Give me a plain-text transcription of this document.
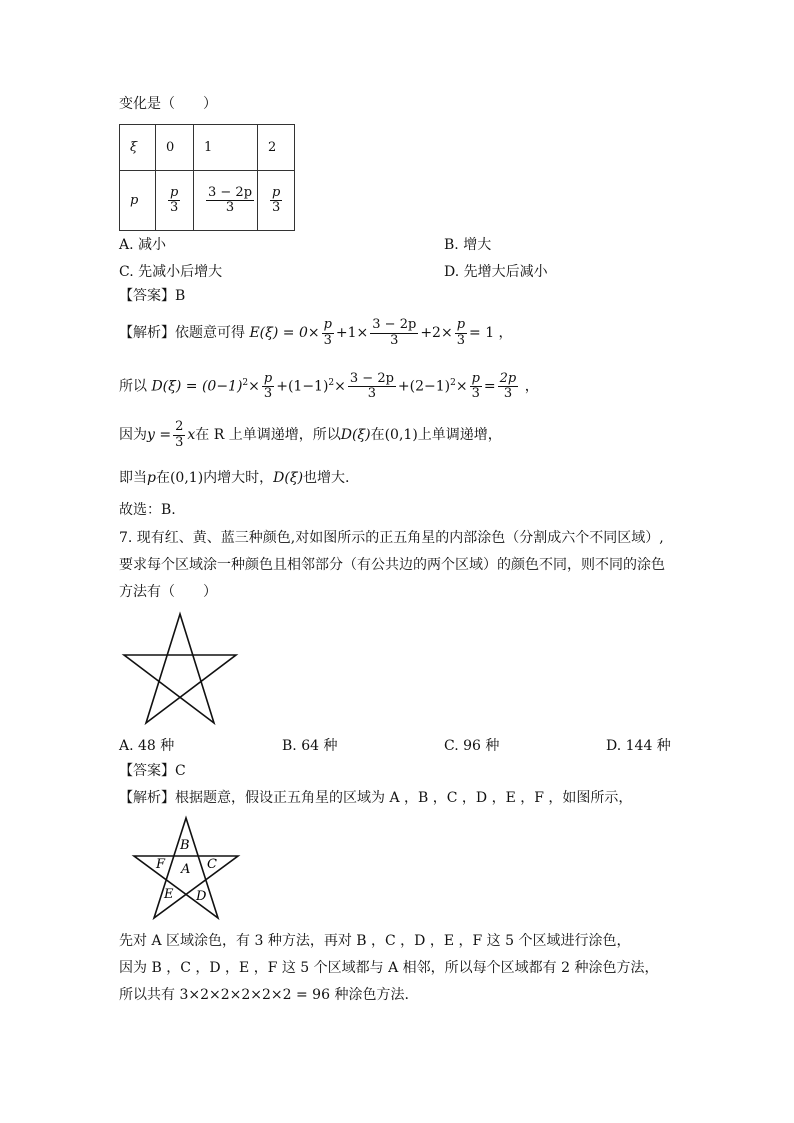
变化是（　　）
ξ	0	1	2
p	$\frac{p}{3}$	$\frac{3 - 2p}{3}$	$\frac{p}{3}$
A. 减小	B. 增大
C. 先减小后增大	D. 先增大后减小
【答案】B
【解析】依题意可得 $E(\xi) = 0\times \frac{p}{3} +1\times \frac{3 - 2p}{3} +2\times \frac{p}{3} = 1$ ，
所以 $D(\xi) = (0-1)^2\times \frac{p}{3} +(1-1)^2\times \frac{3 - 2p}{3} +(2-1)^2\times \frac{p}{3} = \frac{2p}{3}$ ，
因为$y = \frac{2}{3}$ x在 R 上单调递增，所以D(ξ)在(0,1)上单调递增，
即当p在(0,1)内增大时，D(ξ)也增大.
故选：B.
7. 现有红、黄、蓝三种颜色,对如图所示的正五角星的内部涂色（分割成六个不同区域）,
要求每个区域涂一种颜色且相邻部分（有公共边的两个区域）的颜色不同，则不同的涂色
方法有（　　）
A. 48 种	B. 64 种	C. 96 种	D. 144 种
【答案】C
【解析】根据题意，假设正五角星的区域为 A ，B ，C ，D ，E ，F ，如图所示，
A
B
C
D
E
F
先对 A 区域涂色，有 3 种方法，再对 B ，C ，D ，E ，F 这 5 个区域进行涂色，
因为 B ，C ，D ，E ，F 这 5 个区域都与 A 相邻，所以每个区域都有 2 种涂色方法，
所以共有 3×2×2×2×2×2 = 96 种涂色方法.
